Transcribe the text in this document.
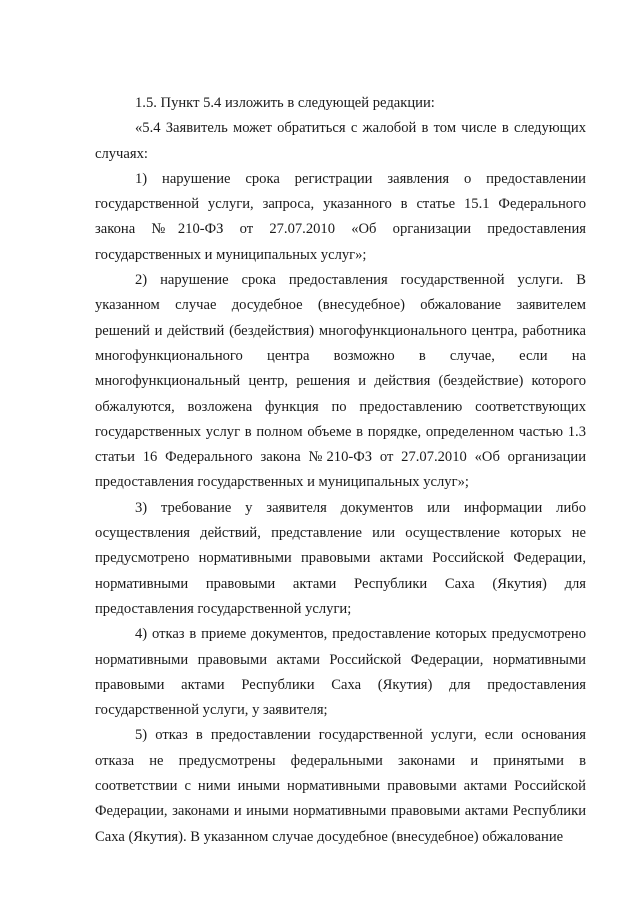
1.5. Пункт 5.4 изложить в следующей редакции:

«5.4 Заявитель может обратиться с жалобой в том числе в следующих случаях:

1) нарушение срока регистрации заявления о предоставлении государственной услуги, запроса, указанного в статье 15.1 Федерального закона №210-ФЗ от 27.07.2010 «Об организации предоставления государственных и муниципальных услуг»;

2) нарушение срока предоставления государственной услуги. В указанном случае досудебное (внесудебное) обжалование заявителем решений и действий (бездействия) многофункционального центра, работника многофункционального центра возможно в случае, если на многофункциональный центр, решения и действия (бездействие) которого обжалуются, возложена функция по предоставлению соответствующих государственных услуг в полном объеме в порядке, определенном частью 1.3 статьи 16 Федерального закона №210-ФЗ от 27.07.2010 «Об организации предоставления государственных и муниципальных услуг»;

3) требование у заявителя документов или информации либо осуществления действий, представление или осуществление которых не предусмотрено нормативными правовыми актами Российской Федерации, нормативными правовыми актами Республики Саха (Якутия) для предоставления государственной услуги;

4) отказ в приеме документов, предоставление которых предусмотрено нормативными правовыми актами Российской Федерации, нормативными правовыми актами Республики Саха (Якутия) для предоставления государственной услуги, у заявителя;

5) отказ в предоставлении государственной услуги, если основания отказа не предусмотрены федеральными законами и принятыми в соответствии с ними иными нормативными правовыми актами Российской Федерации, законами и иными нормативными правовыми актами Республики Саха (Якутия). В указанном случае досудебное (внесудебное) обжалование
